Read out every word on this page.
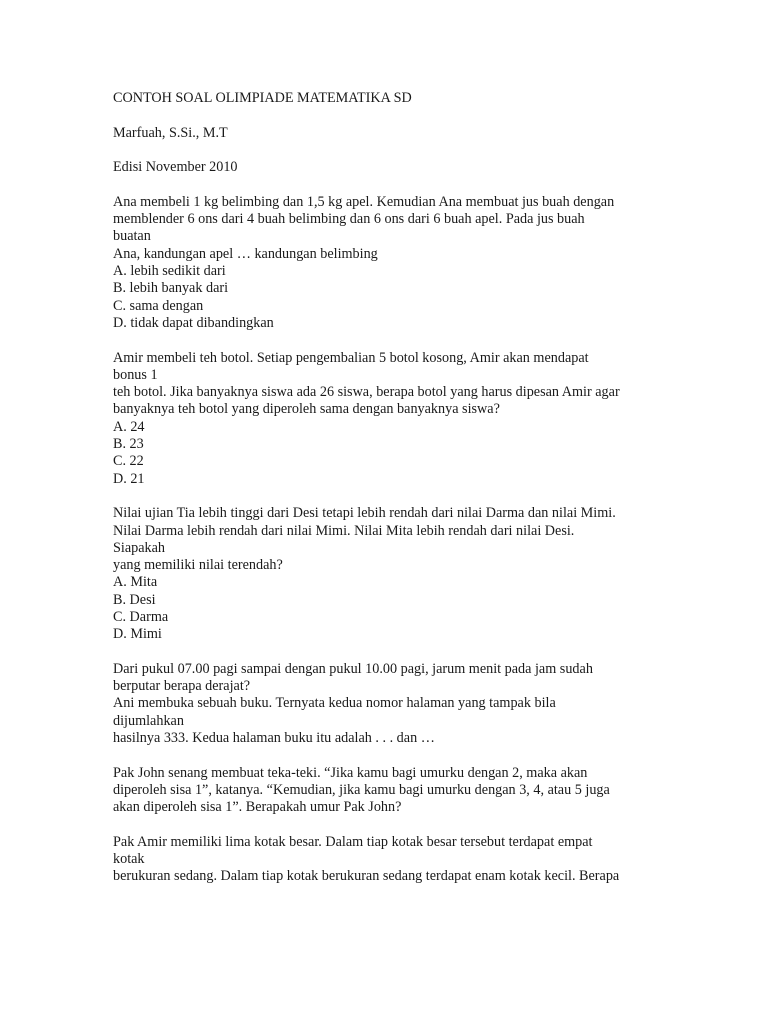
CONTOH SOAL OLIMPIADE MATEMATIKA SD
Marfuah, S.Si., M.T
Edisi November 2010
Ana membeli 1 kg belimbing dan 1,5 kg apel. Kemudian Ana membuat jus buah dengan
memblender 6 ons dari 4 buah belimbing dan 6 ons dari 6 buah apel. Pada jus buah
buatan
Ana, kandungan apel … kandungan belimbing
A. lebih sedikit dari
B. lebih banyak dari
C. sama dengan
D. tidak dapat dibandingkan
Amir membeli teh botol. Setiap pengembalian 5 botol kosong, Amir akan mendapat
bonus 1
teh botol. Jika banyaknya siswa ada 26 siswa, berapa botol yang harus dipesan Amir agar
banyaknya teh botol yang diperoleh sama dengan banyaknya siswa?
A. 24
B. 23
C. 22
D. 21
Nilai ujian Tia lebih tinggi dari Desi tetapi lebih rendah dari nilai Darma dan nilai Mimi.
Nilai Darma lebih rendah dari nilai Mimi. Nilai Mita lebih rendah dari nilai Desi.
Siapakah
yang memiliki nilai terendah?
A. Mita
B. Desi
C. Darma
D. Mimi
Dari pukul 07.00 pagi sampai dengan pukul 10.00 pagi, jarum menit pada jam sudah
berputar berapa derajat?
Ani membuka sebuah buku. Ternyata kedua nomor halaman yang tampak bila
dijumlahkan
hasilnya 333. Kedua halaman buku itu adalah . . . dan …
Pak John senang membuat teka-teki. “Jika kamu bagi umurku dengan 2, maka akan
diperoleh sisa 1”, katanya. “Kemudian, jika kamu bagi umurku dengan 3, 4, atau 5 juga
akan diperoleh sisa 1”. Berapakah umur Pak John?
Pak Amir memiliki lima kotak besar. Dalam tiap kotak besar tersebut terdapat empat
kotak
berukuran sedang. Dalam tiap kotak berukuran sedang terdapat enam kotak kecil. Berapa
